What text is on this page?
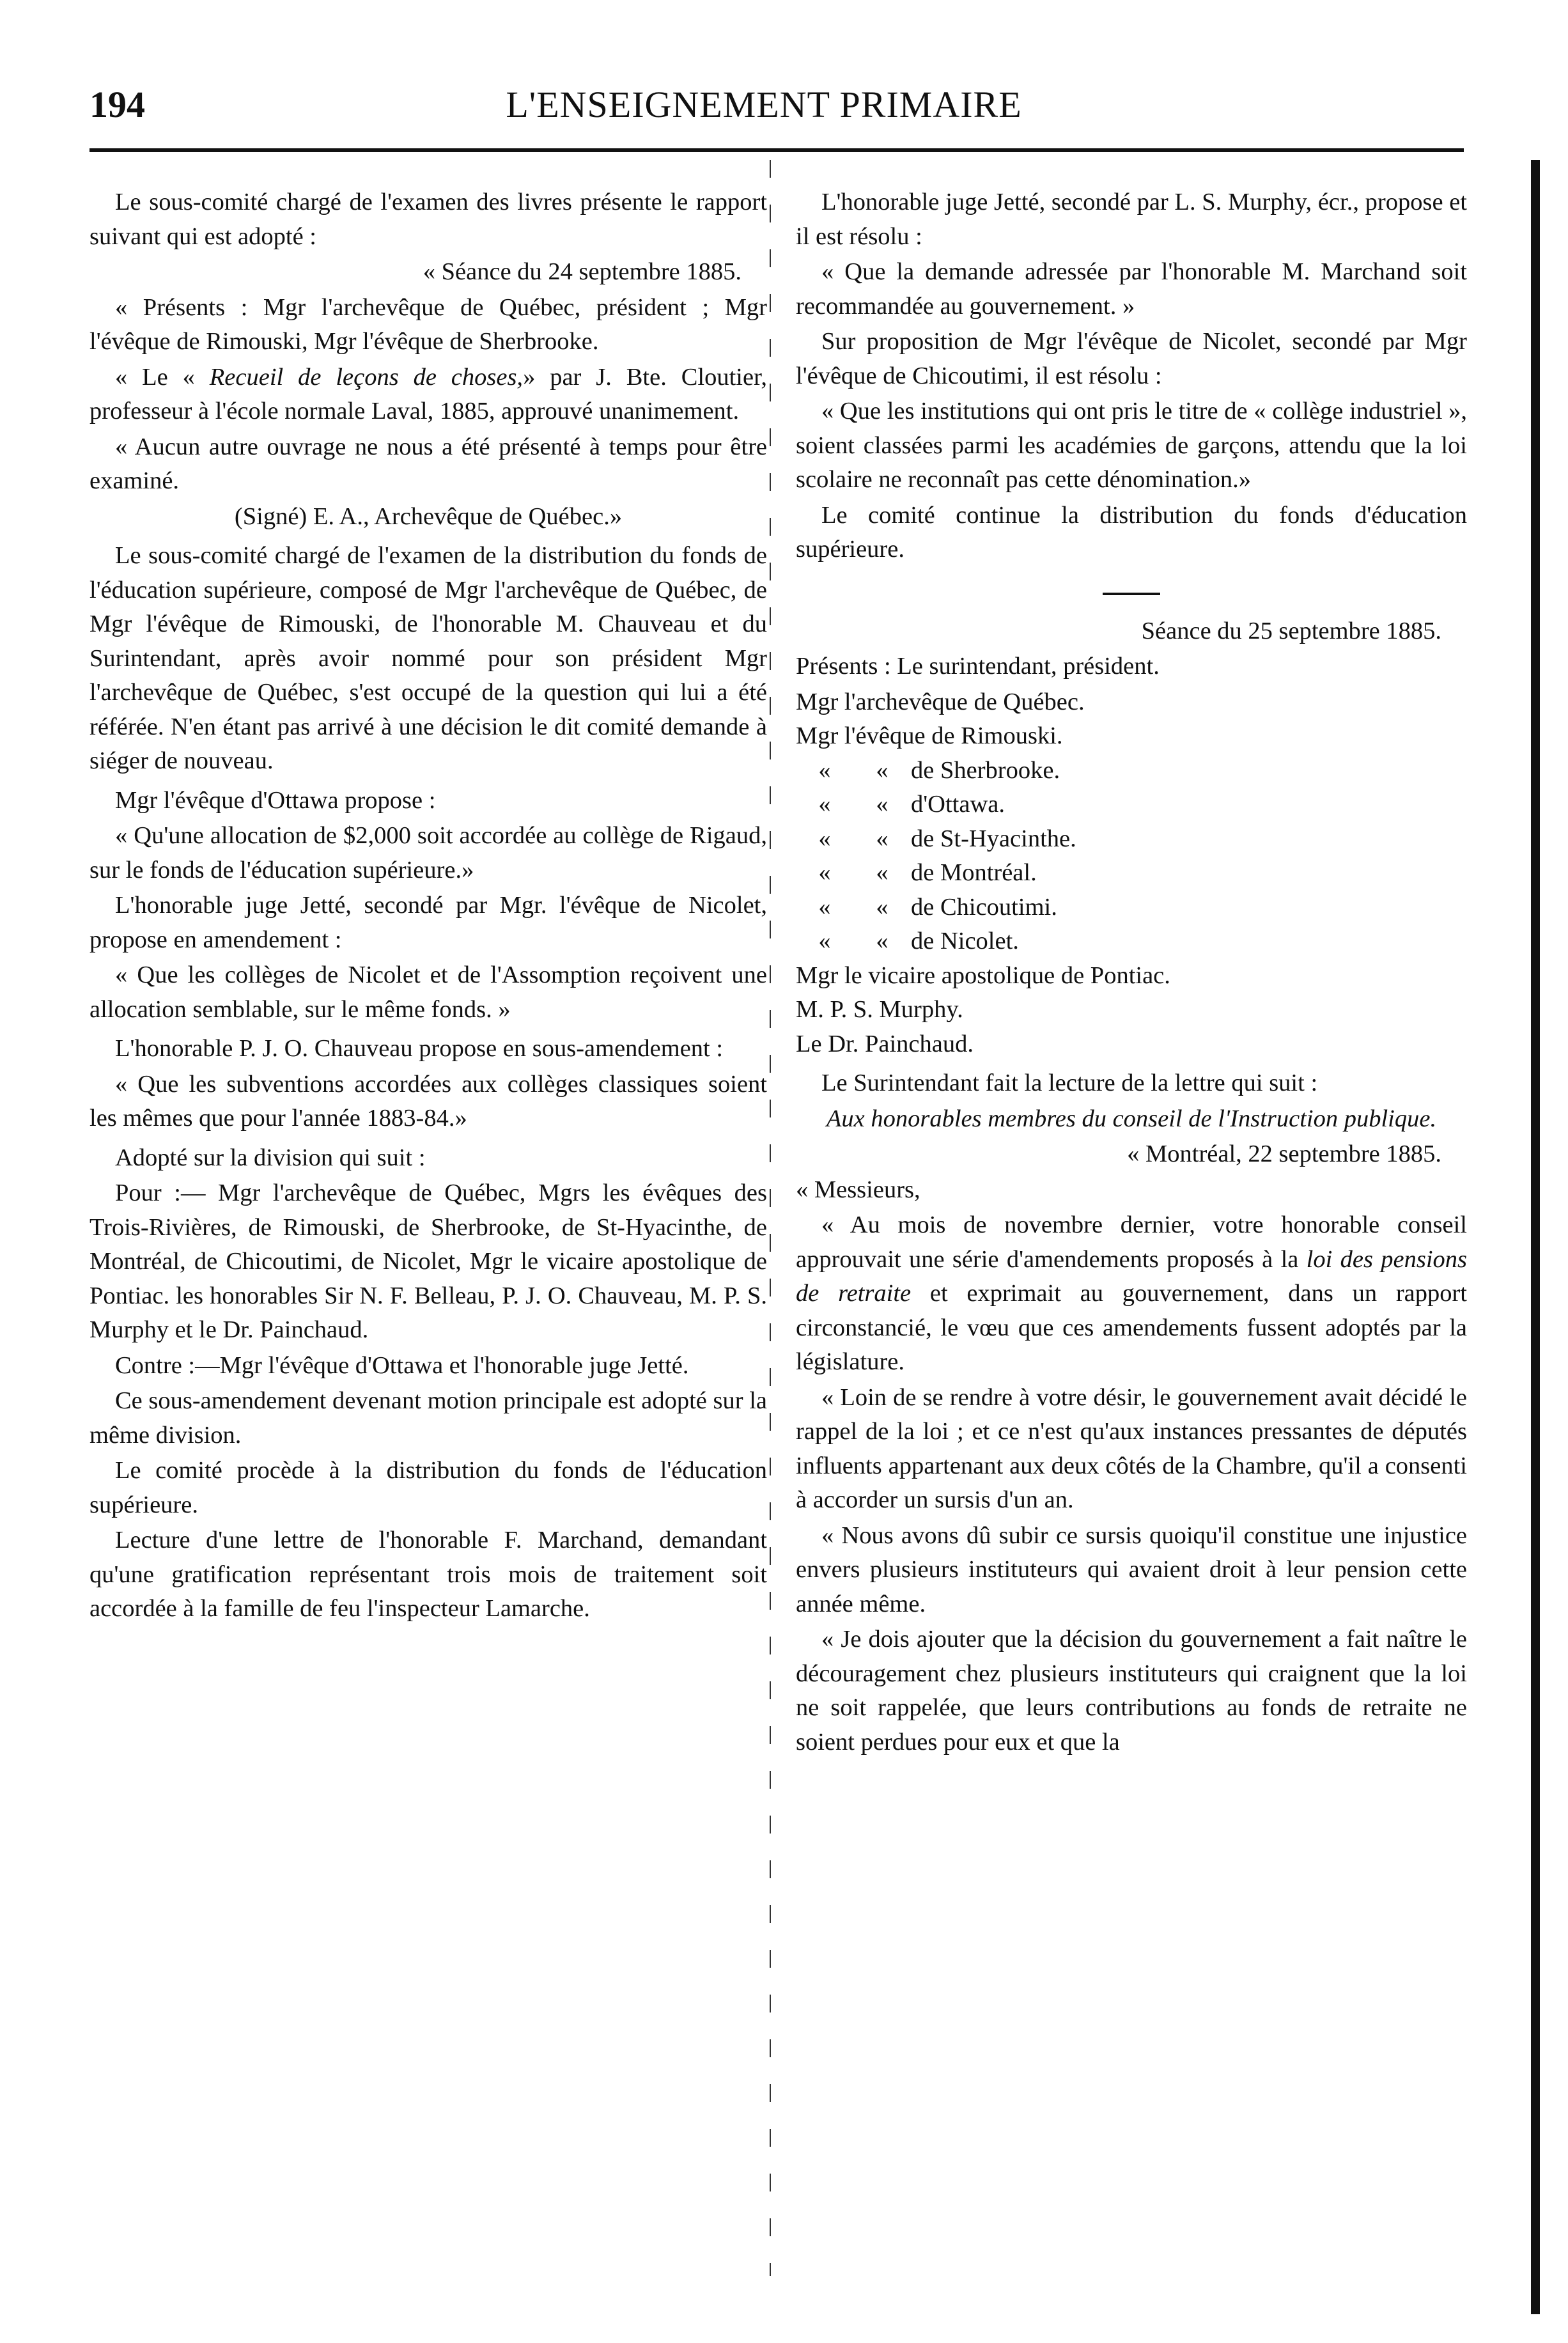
194	L'ENSEIGNEMENT PRIMAIRE

Le sous-comité chargé de l'examen des livres présente le rapport suivant qui est adopté :

« Séance du 24 septembre 1885.

« Présents : Mgr l'archevêque de Québec, président ; Mgr l'évêque de Rimouski, Mgr l'évêque de Sherbrooke.

« Le « Recueil de leçons de choses,» par J. Bte. Cloutier, professeur à l'école normale Laval, 1885, approuvé unanimement.

« Aucun autre ouvrage ne nous a été présenté à temps pour être examiné.

(Signé) E. A., Archevêque de Québec.»

Le sous-comité chargé de l'examen de la distribution du fonds de l'éducation supérieure, composé de Mgr l'archevêque de Québec, de Mgr l'évêque de Rimouski, de l'honorable M. Chauveau et du Surintendant, après avoir nommé pour son président Mgr l'archevêque de Québec, s'est occupé de la question qui lui a été référée. N'en étant pas arrivé à une décision le dit comité demande à siéger de nouveau.

Mgr l'évêque d'Ottawa propose :

« Qu'une allocation de $2,000 soit accordée au collège de Rigaud, sur le fonds de l'éducation supérieure.»

L'honorable juge Jetté, secondé par Mgr. l'évêque de Nicolet, propose en amendement :

« Que les collèges de Nicolet et de l'Assomption reçoivent une allocation semblable, sur le même fonds. »

L'honorable P. J. O. Chauveau propose en sous-amendement :

« Que les subventions accordées aux collèges classiques soient les mêmes que pour l'année 1883-84.»

Adopté sur la division qui suit :

Pour :— Mgr l'archevêque de Québec, Mgrs les évêques des Trois-Rivières, de Rimouski, de Sherbrooke, de St-Hyacinthe, de Montréal, de Chicoutimi, de Nicolet, Mgr le vicaire apostolique de Pontiac. les honorables Sir N. F. Belleau, P. J. O. Chauveau, M. P. S. Murphy et le Dr. Painchaud.

Contre :—Mgr l'évêque d'Ottawa et l'honorable juge Jetté.

Ce sous-amendement devenant motion principale est adopté sur la même division.

Le comité procède à la distribution du fonds de l'éducation supérieure.

Lecture d'une lettre de l'honorable F. Marchand, demandant qu'une gratification représentant trois mois de traitement soit accordée à la famille de feu l'inspecteur Lamarche.

L'honorable juge Jetté, secondé par L. S. Murphy, écr., propose et il est résolu :

« Que la demande adressée par l'honorable M. Marchand soit recommandée au gouvernement. »

Sur proposition de Mgr l'évêque de Nicolet, secondé par Mgr l'évêque de Chicoutimi, il est résolu :

« Que les institutions qui ont pris le titre de « collège industriel », soient classées parmi les académies de garçons, attendu que la loi scolaire ne reconnaît pas cette dénomination.»

Le comité continue la distribution du fonds d'éducation supérieure.

Séance du 25 septembre 1885.

Présents : Le surintendant, président.

Mgr l'archevêque de Québec.
Mgr l'évêque de Rimouski.
«	« de Sherbrooke.
«	« d'Ottawa.
«	« de St-Hyacinthe.
«	« de Montréal.
«	« de Chicoutimi.
«	« de Nicolet.
Mgr le vicaire apostolique de Pontiac.
M. P. S. Murphy.
Le Dr. Painchaud.

Le Surintendant fait la lecture de la lettre qui suit :

Aux honorables membres du conseil de l'Instruction publique.

« Montréal, 22 septembre 1885.

« Messieurs,

« Au mois de novembre dernier, votre honorable conseil approuvait une série d'amendements proposés à la loi des pensions de retraite et exprimait au gouvernement, dans un rapport circonstancié, le vœu que ces amendements fussent adoptés par la législature.

« Loin de se rendre à votre désir, le gouvernement avait décidé le rappel de la loi ; et ce n'est qu'aux instances pressantes de députés influents appartenant aux deux côtés de la Chambre, qu'il a consenti à accorder un sursis d'un an.

« Nous avons dû subir ce sursis quoiqu'il constitue une injustice envers plusieurs instituteurs qui avaient droit à leur pension cette année même.

« Je dois ajouter que la décision du gouvernement a fait naître le découragement chez plusieurs instituteurs qui craignent que la loi ne soit rappelée, que leurs contributions au fonds de retraite ne soient perdues pour eux et que la
